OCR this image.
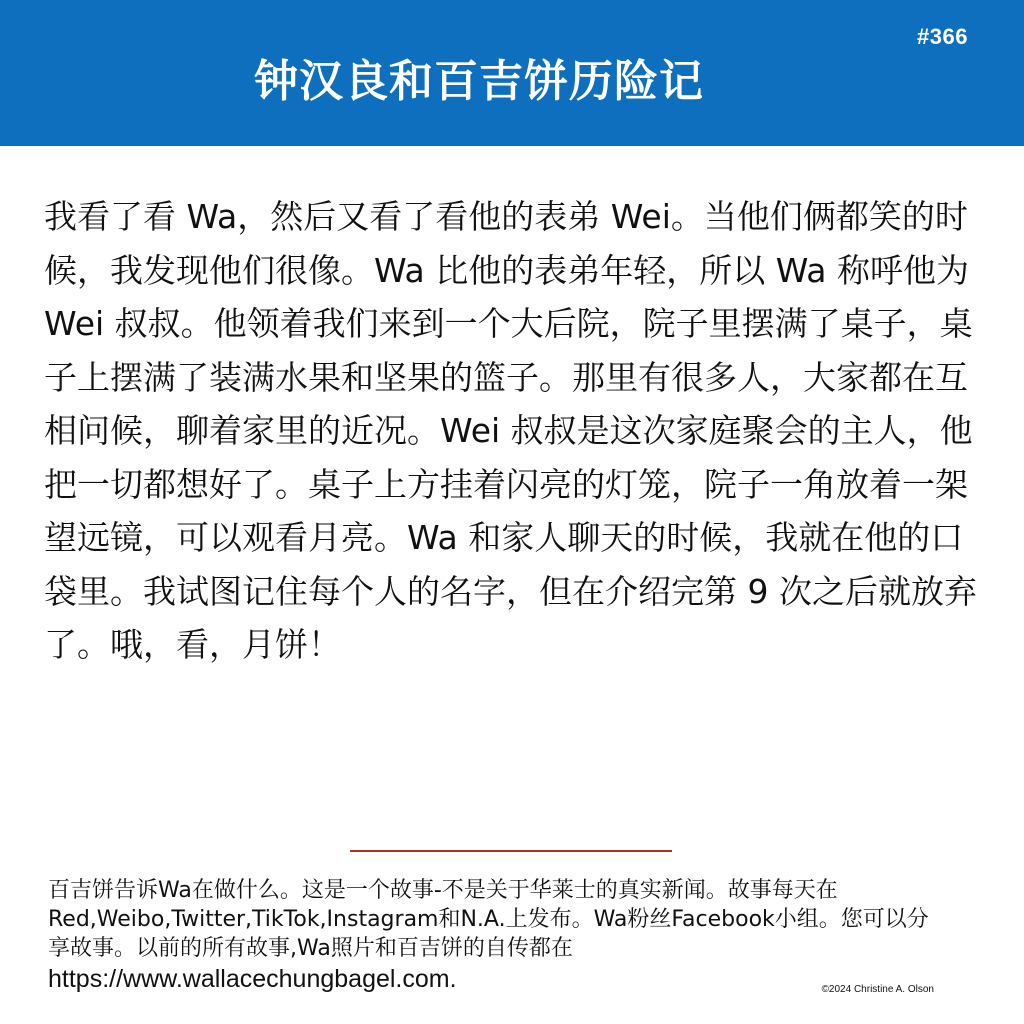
#366
钟汉良和百吉饼历险记
我看了看 Wa，然后又看了看他的表弟 Wei。当他们俩都笑的时候，我发现他们很像。Wa 比他的表弟年轻，所以 Wa 称呼他为 Wei 叔叔。他领着我们来到一个大后院，院子里摆满了桌子，桌子上摆满了装满水果和坚果的篮子。那里有很多人，大家都在互相问候，聊着家里的近况。Wei 叔叔是这次家庭聚会的主人，他把一切都想好了。桌子上方挂着闪亮的灯笼，院子一角放着一架望远镜，可以观看月亮。Wa 和家人聊天的时候，我就在他的口袋里。我试图记住每个人的名字，但在介绍完第 9 次之后就放弃了。哦，看，月饼！
百吉饼告诉Wa在做什么。这是一个故事-不是关于华莱士的真实新闻。故事每天在Red,Weibo,Twitter,TikTok,Instagram和N.A.上发布。Wa粉丝Facebook小组。您可以分享故事。以前的所有故事,Wa照片和百吉饼的自传都在
https://www.wallacechungbagel.com.	©2024 Christine A. Olson
